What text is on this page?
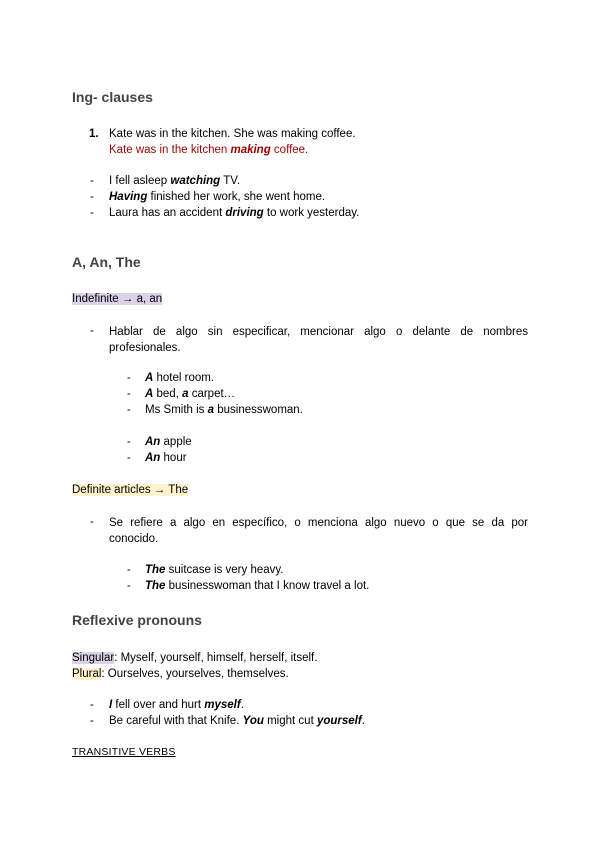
Ing- clauses
1. Kate was in the kitchen. She was making coffee.
Kate was in the kitchen making coffee.
- I fell asleep watching TV.
- Having finished her work, she went home.
- Laura has an accident driving to work yesterday.
A, An, The
Indefinite → a, an
- Hablar de algo sin especificar, mencionar algo o delante de nombres
profesionales.
- A hotel room.
- A bed, a carpet…
- Ms Smith is a businesswoman.
- An apple
- An hour
Definite articles → The
- Se refiere a algo en específico, o menciona algo nuevo o que se da por
conocido.
- The suitcase is very heavy.
- The businesswoman that I know travel a lot.
Reflexive pronouns
Singular: Myself, yourself, himself, herself, itself.
Plural: Ourselves, yourselves, themselves.
- I fell over and hurt myself.
- Be careful with that Knife. You might cut yourself.
TRANSITIVE VERBS
